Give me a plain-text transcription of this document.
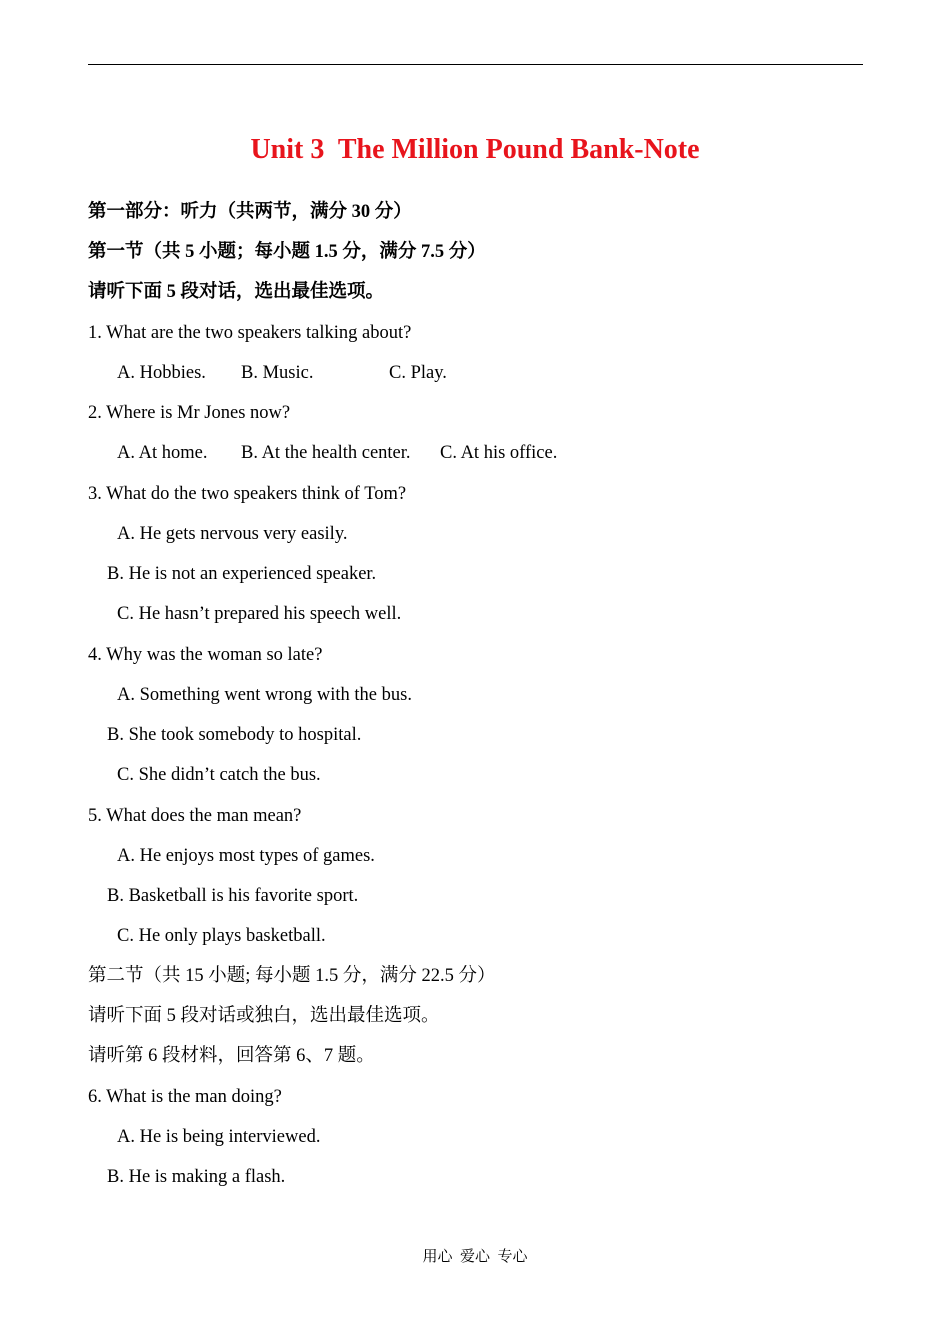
Unit 3  The Million Pound Bank-Note
第一部分：听力（共两节，满分 30 分）
第一节（共 5 小题；每小题 1.5 分，满分 7.5 分）
请听下面 5 段对话，选出最佳选项。
1. What are the two speakers talking about?
A. Hobbies. B. Music.	C. Play.
2. Where is Mr Jones now?
A. At home. B. At the health center. C. At his office.
3. What do the two speakers think of Tom?
A. He gets nervous very easily.
B. He is not an experienced speaker.
C. He hasn’t prepared his speech well.
4. Why was the woman so late?
A. Something went wrong with the bus.
B. She took somebody to hospital.
C. She didn’t catch the bus.
5. What does the man mean?
A. He enjoys most types of games.
B. Basketball is his favorite sport.
C. He only plays basketball.
第二节（共 15 小题; 每小题 1.5 分，满分 22.5 分）
请听下面 5 段对话或独白，选出最佳选项。
请听第 6 段材料，回答第 6、7 题。
6. What is the man doing?
A. He is being interviewed.
B. He is making a flash.
用心  爱心  专心
